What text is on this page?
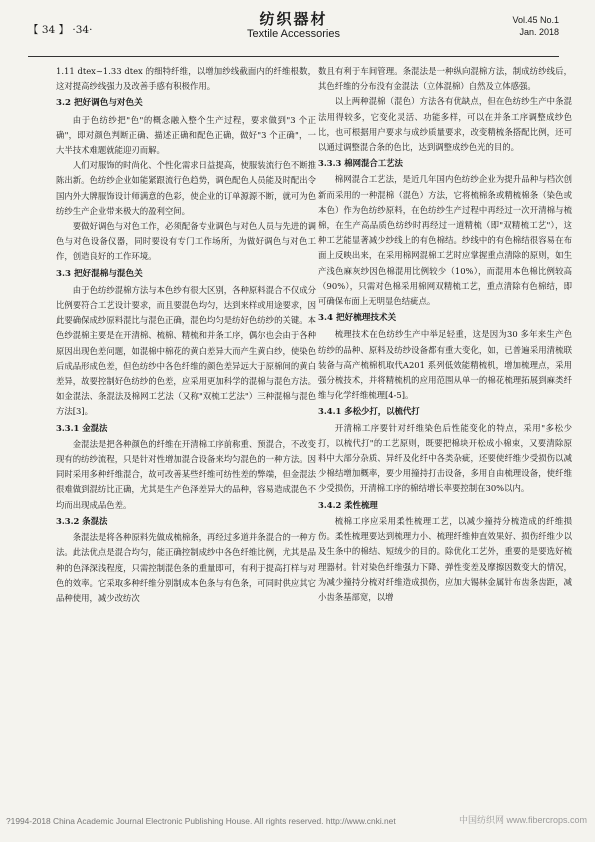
【 34 】 ·34·
纺织器材
Textile Accessories
Vol.45 No.1
Jan. 2018

1.11 dtex~1.33 dtex 的细特纤维，以增加纱线截面内的纤维根数，这对提高纱线强力及改善手感有积极作用。

3.2 把好调色与对色关

由于色纺纱把"色"的概念融入整个生产过程，要求做到"3 个正确"，即对颜色判断正确、描述正确和配色正确，做好"3 个正确"，一大半技术难题就能迎刃而解。

人们对服饰的时尚化、个性化需求日益提高，使服装流行色不断推陈出新。色纺纱企业如能紧跟流行色趋势，调色配色人员能及时配出令国内外大牌服饰设计师满意的色彩，使企业的订单源源不断，就可为色纺纱生产企业带来极大的盈利空间。

要做好调色与对色工作，必须配备专业调色与对色人员与先进的调色与对色设备仪器，同时要设有专门工作场所，为做好调色与对色工作，创造良好的工作环境。

3.3 把好混棉与混色关

由于色纺纱混棉方法与本色纱有很大区别，各种原料混合不仅成分比例要符合工艺设计要求，而且要混色均匀，达到来样或用途要求，因此要确保成纱原料混比与混色正确，混色均匀是纺好色纺纱的关键。本色纱混棉主要是在开清棉、梳棉、精梳和并条工序，偶尔也会由于各种原因出现色差问题，如混棉中棉花的黄白差异大而产生黄白纱，使染色后成品形成色差，但色纺纱中各色纤维的颜色差异远大于原棉间的黄白差异，故要控制好色纺纱的色差，应采用更加科学的混棉与混色方法。如金混法、条混法及棉网工艺法（又称"双梳工艺法"）三种混棉与混色方法[3]。

3.3.1 金混法

金混法是把各种颜色的纤维在开清棉工序前称重、预混合，不改变现有的纺纱流程，只是针对性增加混合设备来均匀混色的一种方法。因同时采用多种纤维混合，故可改善某些纤维可纺性差的弊端，但金混法很难做到混纺比正确，尤其是生产色泽差异大的品种，容易造成混色不均而出现成品色差。

3.3.2 条混法

条混法是将各种原料先做成梳棉条，再经过多道并条混合的一种方法。此法优点是混合均匀，能正确控制成纱中各色纤维比例，尤其是品种的色泽深浅程度，只需控制混色条的重量即可，有利于提高打样与对色的效率。它采取多种纤维分别制成本色条与有色条，可同时供应其它品种使用，减少改纺次

数且有利于车间管理。条混法是一种纵向混棉方法，制成纺纱线后，其色纤维的分布没有金混法（立体混棉）自然及立体感强。

以上两种混棉（混色）方法各有优缺点，但在色纺纱生产中条混法用得较多，它变化灵活、功能多样，可以在并条工序调整成纱色比，也可根据用户要求与成纱质量要求，改变精梳条搭配比例，还可以通过调整混合条的色比，达到调整成纱色光的目的。

3.3.3 棉网混合工艺法

棉网混合工艺法，是近几年国内色纺纱企业为提升品种与档次创新而采用的一种混棉（混色）方法，它将梳棉条或精梳棉条（染色或本色）作为色纺纱原料，在色纺纱生产过程中再经过一次开清棉与梳棉，在生产高品质色纺纱时再经过一道精梳（即"双精梳工艺"），这种工艺能显著减少纱线上的有色棉结。纱线中的有色棉结很容易在布面上反映出来，在采用棉网混棉工艺时应掌握重点清除的原则，如生产浅色麻灰纱因色棉混用比例较少（10%），而混用本色棉比例较高（90%），只需对色棉采用棉网双精梳工艺，重点清除有色棉结，即可确保布面上无明显色结疵点。

3.4 把好梳理技术关

梳理技术在色纺纱生产中举足轻重，这是因为30 多年来生产色纺纱的品种、原料及纺纱设备都有重大变化，如，已普遍采用清梳联装备与高产梳棉机取代A201 系列低效能精梳机，增加梳理点，采用强分梳技术，并将精梳机的应用范围从单一的棉花梳理拓展到麻类纤维与化学纤维梳理[4-5]。

3.4.1 多松少打，以梳代打

开清棉工序要针对纤维染色后性能变化的特点，采用"多松少打，以梳代打"的工艺原则，既要把棉块开松成小棉束，又要清除原料中大部分杂质、异纤及化纤中各类杂疵，还要使纤维少受损伤以减少棉结增加概率，要少用撞持打击设备，多用自由梳理设备，使纤维少受损伤，开清棉工序的棉结增长率要控制在30%以内。

3.4.2 柔性梳理

梳棉工序应采用柔性梳理工艺，以减少撞持分梳造成的纤维损伤。柔性梳理要达到梳理力小、梳理纤维伸直效果好、损伤纤维少以及生条中的棉结、短绒少的目的。除优化工艺外，重要的是要选好梳理器材。针对染色纤维强力下降、弹性变差及摩擦因数变大的情况，为减少撞持分梳对纤维造成损伤，应加大锡林金属针布齿条齿距，减小齿条基部宽，以增

?1994-2018 China Academic Journal Electronic Publishing House. All rights reserved. http://www.cnki.net	中国纺织网 www.fibercrops.com
